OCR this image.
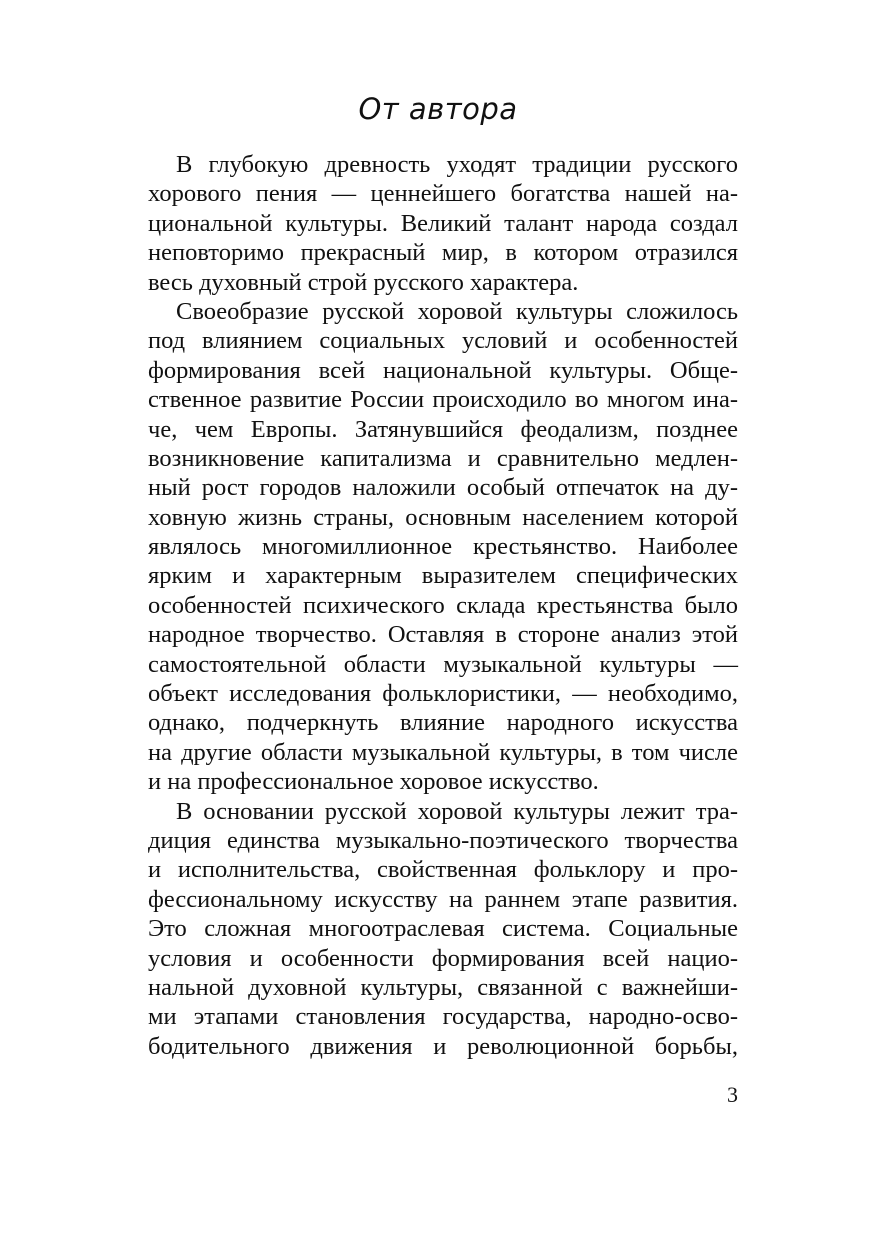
От автора
В глубокую древность уходят традиции русского
хорового пения — ценнейшего богатства нашей на-
циональной культуры. Великий талант народа создал
неповторимо прекрасный мир, в котором отразился
весь духовный строй русского характера.
Своеобразие русской хоровой культуры сложилось
под влиянием социальных условий и особенностей
формирования всей национальной культуры. Обще-
ственное развитие России происходило во многом ина-
че, чем Европы. Затянувшийся феодализм, позднее
возникновение капитализма и сравнительно медлен-
ный рост городов наложили особый отпечаток на ду-
ховную жизнь страны, основным населением которой
являлось многомиллионное крестьянство. Наиболее
ярким и характерным выразителем специфических
особенностей психического склада крестьянства было
народное творчество. Оставляя в стороне анализ этой
самостоятельной области музыкальной культуры —
объект исследования фольклористики, — необходимо,
однако, подчеркнуть влияние народного искусства
на другие области музыкальной культуры, в том числе
и на профессиональное хоровое искусство.
В основании русской хоровой культуры лежит тра-
диция единства музыкально-поэтического творчества
и исполнительства, свойственная фольклору и про-
фессиональному искусству на раннем этапе развития.
Это сложная многоотраслевая система. Социальные
условия и особенности формирования всей нацио-
нальной духовной культуры, связанной с важнейши-
ми этапами становления государства, народно-осво-
бодительного движения и революционной борьбы,
3
